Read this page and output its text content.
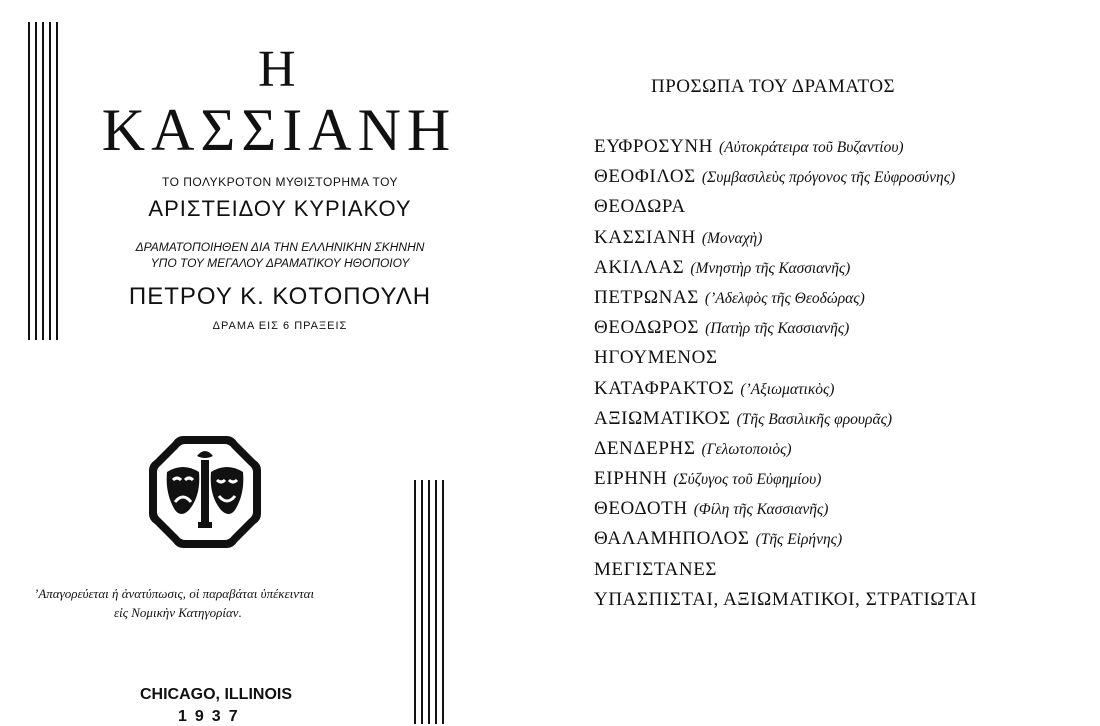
Η
ΚΑΣΣΙΑΝΗ
ΤΟ ΠΟΛΥΚΡΟΤΟΝ ΜΥΘΙΣΤΟΡΗΜΑ ΤΟΥ
ΑΡΙΣΤΕΙΔΟΥ ΚΥΡΙΑΚΟΥ
ΔΡΑΜΑΤΟΠΟΙΗΘΕΝ ΔΙΑ ΤΗΝ ΕΛΛΗΝΙΚΗΝ ΣΚΗΝΗΝ
ΥΠΟ ΤΟΥ ΜΕΓΑΛΟΥ ΔΡΑΜΑΤΙΚΟΥ ΗΘΟΠΟΙΟΥ
ΠΕΤΡΟΥ Κ. ΚΟΤΟΠΟΥΛΗ
ΔΡΑΜΑ ΕΙΣ 6 ΠΡΑΞΕΙΣ
’Απαγορεύεται ἡ ἀνατύπωσις, οἱ παραβάται ὑπέκεινται
εἰς Νομικὴν Κατηγορίαν.
CHICAGO, ILLINOIS
1937
ΠΡΟΣΩΠΑ ΤΟΥ ΔΡΑΜΑΤΟΣ
ΕΥΦΡΟΣΥΝΗ (Αὐτοκράτειρα τοῦ Βυζαντίου)
ΘΕΟΦΙΛΟΣ (Συμβασιλεὺς πρόγονος τῆς Εὐφροσύνης)
ΘΕΟΔΩΡΑ
ΚΑΣΣΙΑΝΗ (Μοναχὴ)
ΑΚΙΛΛΑΣ (Μνηστὴρ τῆς Κασσιανῆς)
ΠΕΤΡΩΝΑΣ (’Αδελφὸς τῆς Θεοδώρας)
ΘΕΟΔΩΡΟΣ (Πατὴρ τῆς Κασσιανῆς)
ΗΓΟΥΜΕΝΟΣ
ΚΑΤΑΦΡΑΚΤΟΣ (’Αξιωματικὸς)
ΑΞΙΩΜΑΤΙΚΟΣ (Τῆς Βασιλικῆς φρουρᾶς)
ΔΕΝΔΕΡΗΣ (Γελωτοποιὸς)
ΕΙΡΗΝΗ (Σύζυγος τοῦ Εὐφημίου)
ΘΕΟΔΟΤΗ (Φίλη τῆς Κασσιανῆς)
ΘΑΛΑΜΗΠΟΛΟΣ (Τῆς Εἰρήνης)
ΜΕΓΙΣΤΑΝΕΣ
ΥΠΑΣΠΙΣΤΑΙ, ΑΞΙΩΜΑΤΙΚΟΙ, ΣΤΡΑΤΙΩΤΑΙ
